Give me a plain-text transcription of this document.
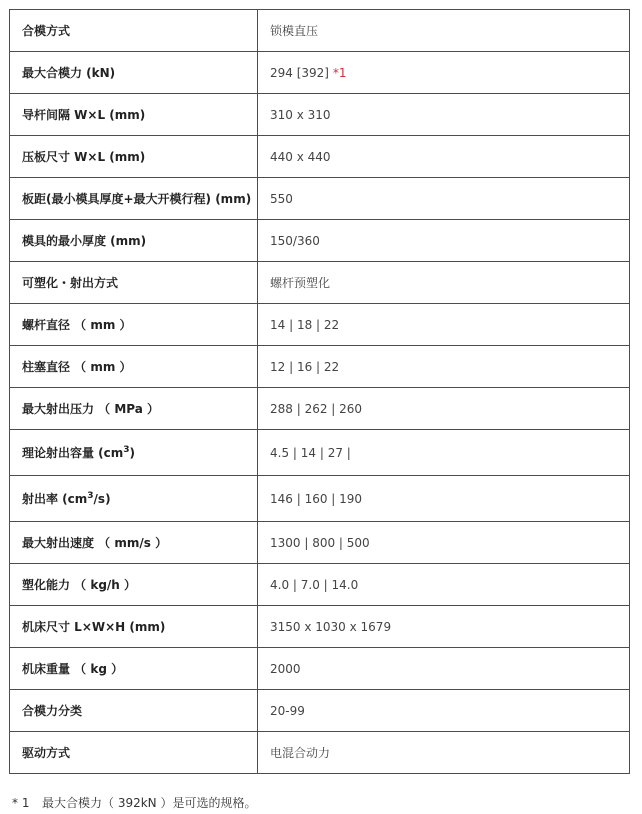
合模方式	锁模直压
最大合模力 (kN)	294 [392] *1
导杆间隔 W×L (mm)	310 x 310
压板尺寸 W×L (mm)	440 x 440
板距(最小模具厚度+最大开模行程) (mm)	550
模具的最小厚度 (mm)	150/360
可塑化・射出方式	螺杆预塑化
螺杆直径 （ mm ）	14 | 18 | 22
柱塞直径 （ mm ）	12 | 16 | 22
最大射出压力 （ MPa ）	288 | 262 | 260
理论射出容量 $(cm^3)$	4.5 | 14 | 27 |
射出率 $(cm^3/s)$	146 | 160 | 190
最大射出速度 （ mm/s ）	1300 | 800 | 500
塑化能力 （ kg/h ）	4.0 | 7.0 | 14.0
机床尺寸 L×W×H (mm)	3150 x 1030 x 1679
机床重量 （ kg ）	2000
合模力分类	20-99
驱动方式	电混合动力
* 1 最大合模力（ 392kN ）是可选的规格。
